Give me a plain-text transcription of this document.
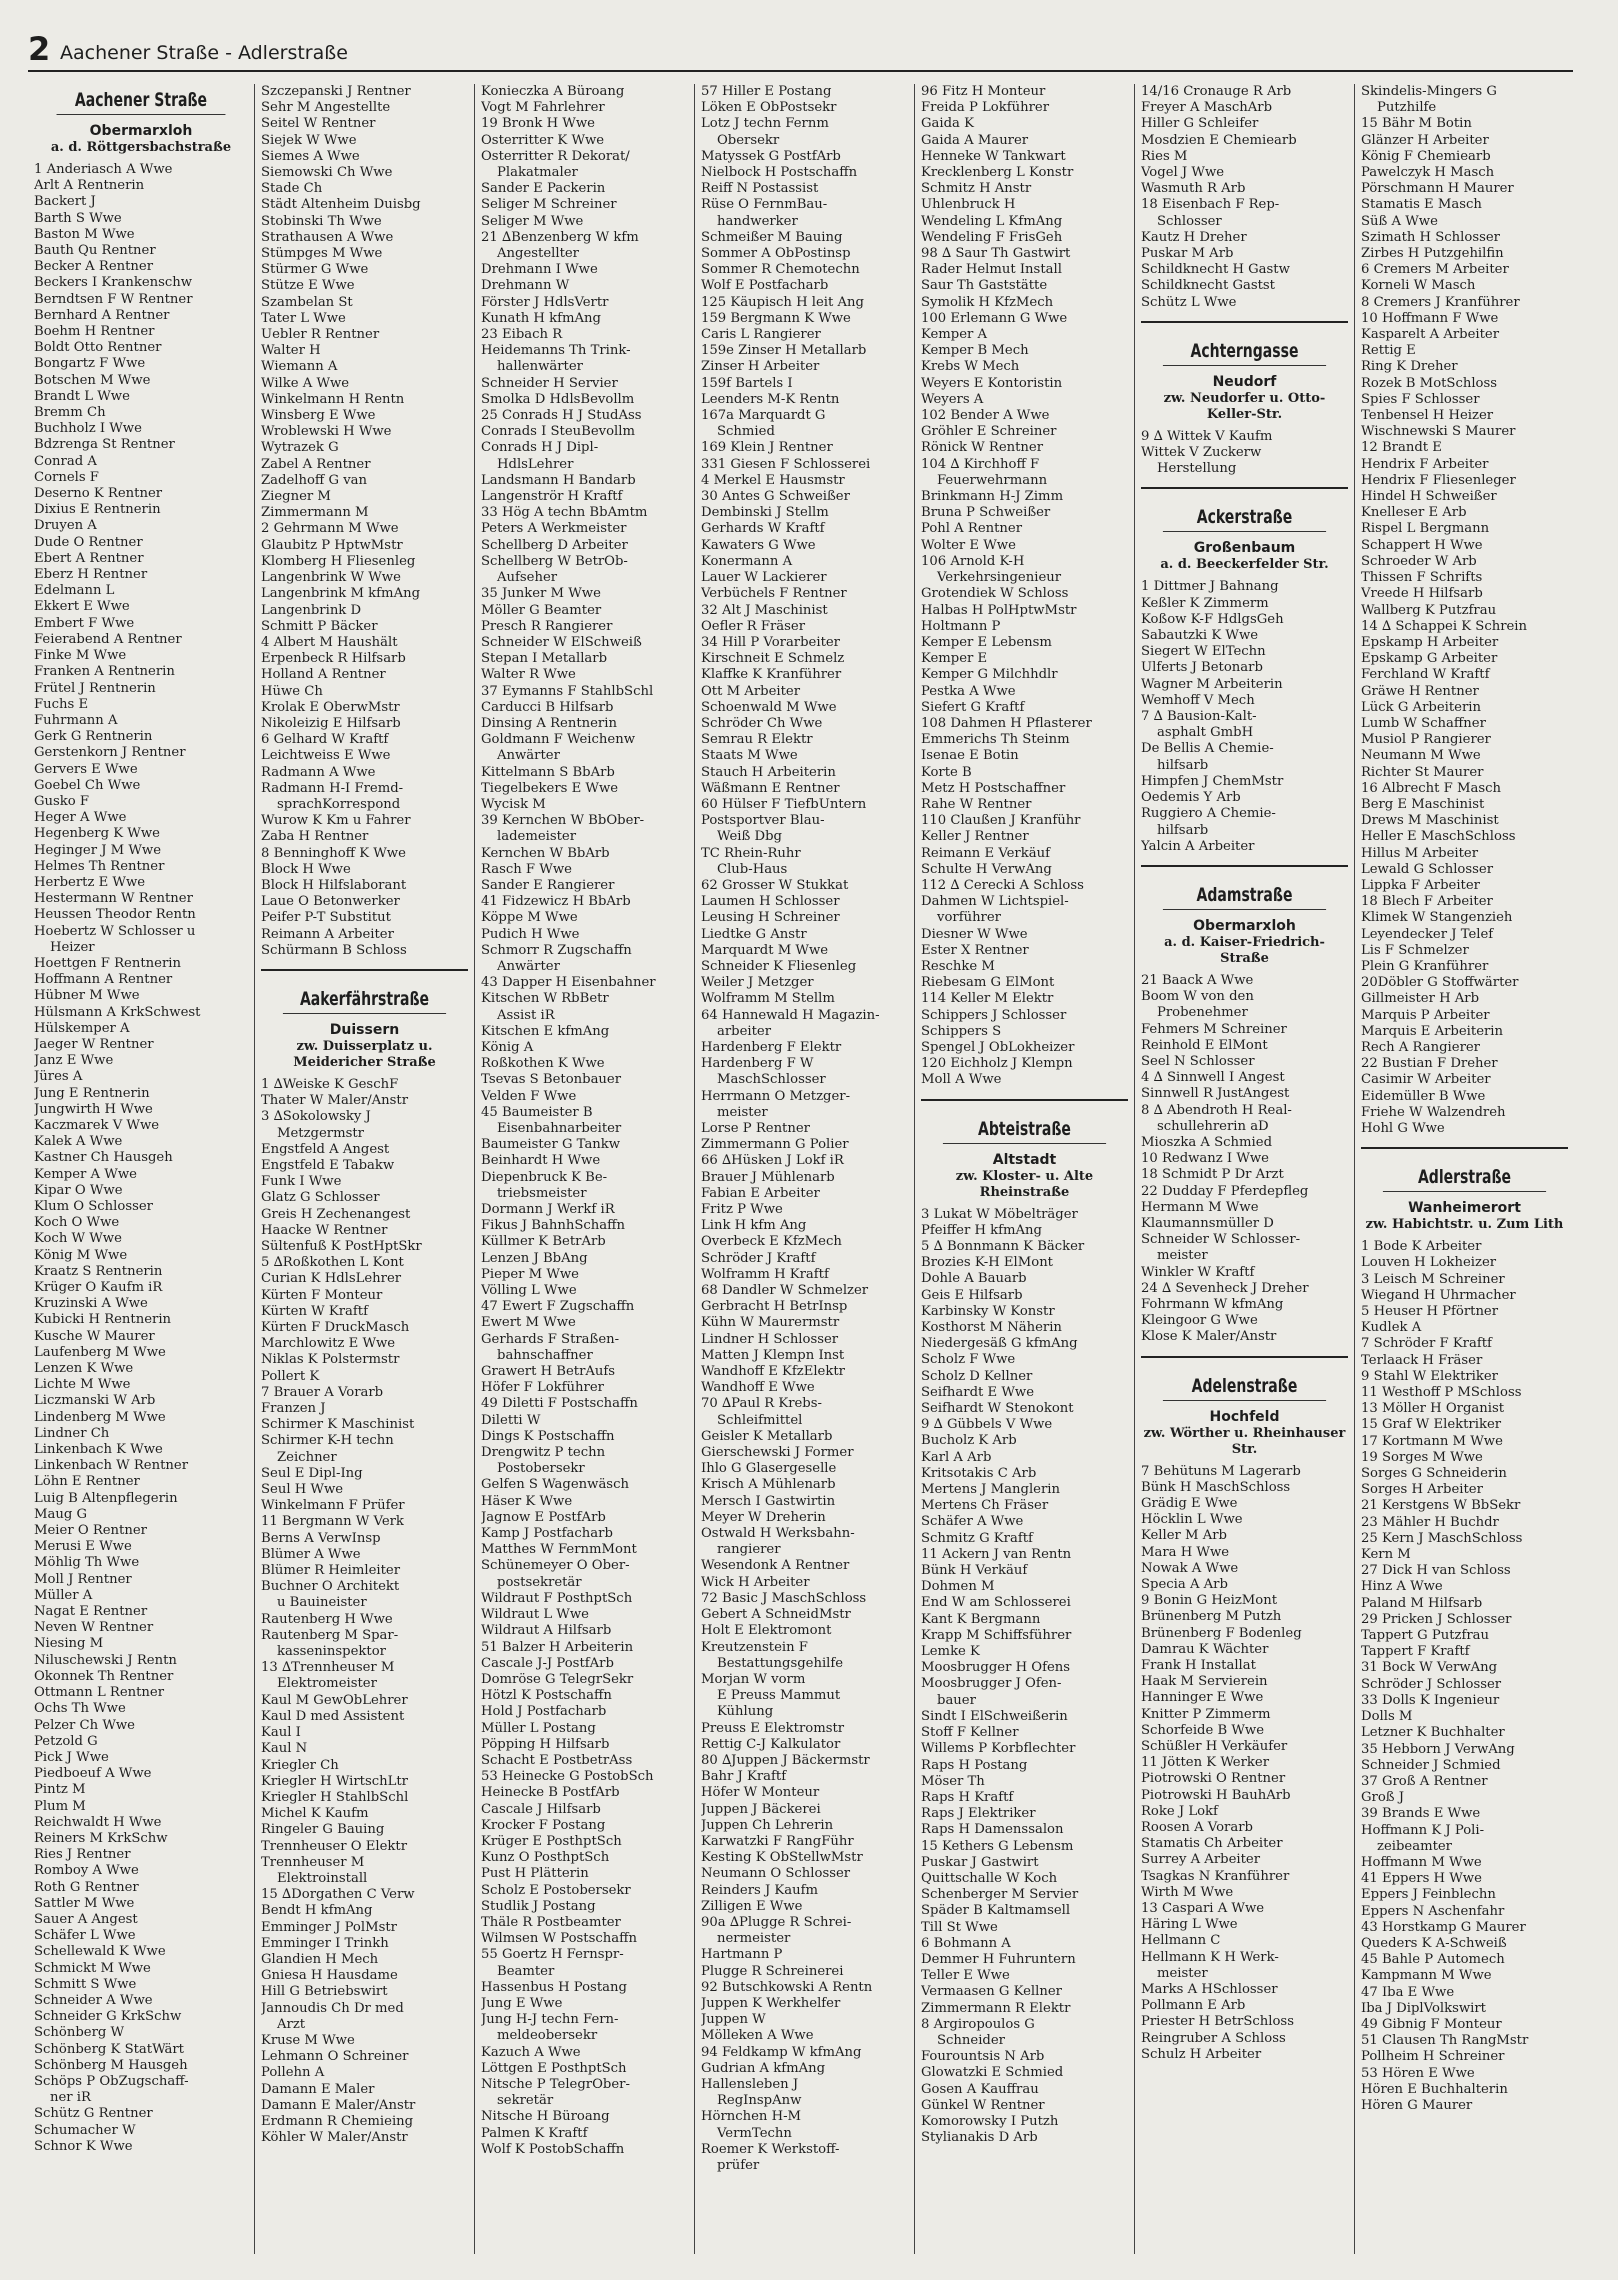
2 Aachener Straße - Adlerstraße
Aachener Straße
Obermarxloh
a. d. Röttgersbachstraße
1 Anderiasch A Wwe
Arlt A Rentnerin
Backert J
Barth S Wwe
Baston M Wwe
Bauth Qu Rentner
Becker A Rentner
Beckers I Krankenschw
Berndtsen F W Rentner
Bernhard A Rentner
Boehm H Rentner
Boldt Otto Rentner
Bongartz F Wwe
Botschen M Wwe
Brandt L Wwe
Bremm Ch
Buchholz I Wwe
Bdzrenga St Rentner
Conrad A
Cornels F
Deserno K Rentner
Dixius E Rentnerin
Druyen A
Dude O Rentner
Ebert A Rentner
Eberz H Rentner
Edelmann L
Ekkert E Wwe
Embert F Wwe
Feierabend A Rentner
Finke M Wwe
Franken A Rentnerin
Frütel J Rentnerin
Fuchs E
Fuhrmann A
Gerk G Rentnerin
Gerstenkorn J Rentner
Gervers E Wwe
Goebel Ch Wwe
Gusko F
Heger A Wwe
Hegenberg K Wwe
Heginger J M Wwe
Helmes Th Rentner
Herbertz E Wwe
Hestermann W Rentner
Heussen Theodor Rentn
Hoebertz W Schlosser u
Heizer
Hoettgen F Rentnerin
Hoffmann A Rentner
Hübner M Wwe
Hülsmann A KrkSchwest
Hülskemper A
Jaeger W Rentner
Janz E Wwe
Jüres A
Jung E Rentnerin
Jungwirth H Wwe
Kaczmarek V Wwe
Kalek A Wwe
Kastner Ch Hausgeh
Kemper A Wwe
Kipar O Wwe
Klum O Schlosser
Koch O Wwe
Koch W Wwe
König M Wwe
Kraatz S Rentnerin
Krüger O Kaufm iR
Kruzinski A Wwe
Kubicki H Rentnerin
Kusche W Maurer
Laufenberg M Wwe
Lenzen K Wwe
Lichte M Wwe
Liczmanski W Arb
Lindenberg M Wwe
Lindner Ch
Linkenbach K Wwe
Linkenbach W Rentner
Löhn E Rentner
Luig B Altenpflegerin
Maug G
Meier O Rentner
Merusi E Wwe
Möhlig Th Wwe
Moll J Rentner
Müller A
Nagat E Rentner
Neven W Rentner
Niesing M
Niluschewski J Rentn
Okonnek Th Rentner
Ottmann L Rentner
Ochs Th Wwe
Pelzer Ch Wwe
Petzold G
Pick J Wwe
Piedboeuf A Wwe
Pintz M
Plum M
Reichwaldt H Wwe
Reiners M KrkSchw
Ries J Rentner
Romboy A Wwe
Roth G Rentner
Sattler M Wwe
Sauer A Angest
Schäfer L Wwe
Schellewald K Wwe
Schmickt M Wwe
Schmitt S Wwe
Schneider A Wwe
Schneider G KrkSchw
Schönberg W
Schönberg K StatWärt
Schönberg M Hausgeh
Schöps P ObZugschaff-
ner iR
Schütz G Rentner
Schumacher W
Schnor K Wwe
Szczepanski J Rentner
Sehr M Angestellte
Seitel W Rentner
Siejek W Wwe
Siemes A Wwe
Siemowski Ch Wwe
Stade Ch
Städt Altenheim Duisbg
Stobinski Th Wwe
Strathausen A Wwe
Stümpges M Wwe
Stürmer G Wwe
Stütze E Wwe
Szambelan St
Tater L Wwe
Uebler R Rentner
Walter H
Wiemann A
Wilke A Wwe
Winkelmann H Rentn
Winsberg E Wwe
Wroblewski H Wwe
Wytrazek G
Zabel A Rentner
Zadelhoff G van
Ziegner M
Zimmermann M
2 Gehrmann M Wwe
Glaubitz P HptwMstr
Klomberg H Fliesenleg
Langenbrink W Wwe
Langenbrink M kfmAng
Langenbrink D
Schmitt P Bäcker
4 Albert M Haushält
Erpenbeck R Hilfsarb
Holland A Rentner
Hüwe Ch
Krolak E OberwMstr
Nikoleizig E Hilfsarb
6 Gelhard W Kraftf
Leichtweiss E Wwe
Radmann A Wwe
Radmann H-I Fremd-
sprachKorrespond
Wurow K Km u Fahrer
Zaba H Rentner
8 Benninghoff K Wwe
Block H Wwe
Block H Hilfslaborant
Laue O Betonwerker
Peifer P-T Substitut
Reimann A Arbeiter
Schürmann B Schloss
Aakerfährstraße
Duissern
zw. Duisserplatz u. Meidericher Straße
1 ∆Weiske K GeschF
Thater W Maler/Anstr
3 ∆Sokolowsky J
Metzgermstr
Engstfeld A Angest
Engstfeld E Tabakw
Funk I Wwe
Glatz G Schlosser
Greis H Zechenangest
Haacke W Rentner
Sültenfuß K PostHptSkr
5 ∆Roßkothen L Kont
Curian K HdlsLehrer
Kürten F Monteur
Kürten W Kraftf
Kürten F DruckMasch
Marchlowitz E Wwe
Niklas K Polstermstr
Pollert K
7 Brauer A Vorarb
Franzen J
Schirmer K Maschinist
Schirmer K-H techn
Zeichner
Seul E Dipl-Ing
Seul H Wwe
Winkelmann F Prüfer
11 Bergmann W Verk
Berns A VerwInsp
Blümer A Wwe
Blümer R Heimleiter
Buchner O Architekt
u Bauineister
Rautenberg H Wwe
Rautenberg M Spar-
kasseninspektor
13 ∆Trennheuser M
Elektromeister
Kaul M GewObLehrer
Kaul D med Assistent
Kaul I
Kaul N
Kriegler Ch
Kriegler H WirtschLtr
Kriegler H StahlbSchl
Michel K Kaufm
Ringeler G Bauing
Trennheuser O Elektr
Trennheuser M
Elektroinstall
15 ∆Dorgathen C Verw
Bendt H kfmAng
Emminger J PolMstr
Emminger I Trinkh
Glandien H Mech
Gniesa H Hausdame
Hill G Betriebswirt
Jannoudis Ch Dr med
Arzt
Kruse M Wwe
Lehmann O Schreiner
Pollehn A
Damann E Maler
Damann E Maler/Anstr
Erdmann R Chemieing
Köhler W Maler/Anstr
Konieczka A Büroang
Vogt M Fahrlehrer
19 Bronk H Wwe
Osterritter K Wwe
Osterritter R Dekorat/
Plakatmaler
Sander E Packerin
Seliger M Schreiner
Seliger M Wwe
21 ∆Benzenberg W kfm
Angestellter
Drehmann I Wwe
Drehmann W
Förster J HdlsVertr
Kunath H kfmAng
23 Eibach R
Heidemanns Th Trink-
hallenwärter
Schneider H Servier
Smolka D HdlsBevollm
25 Conrads H J StudAss
Conrads I SteuBevollm
Conrads H J Dipl-
HdlsLehrer
Landsmann H Bandarb
Langenströr H Kraftf
33 Hög A techn BbAmtm
Peters A Werkmeister
Schellberg D Arbeiter
Schellberg W BetrOb-
Aufseher
35 Junker M Wwe
Möller G Beamter
Presch R Rangierer
Schneider W ElSchweiß
Stepan I Metallarb
Walter R Wwe
37 Eymanns F StahlbSchl
Carducci B Hilfsarb
Dinsing A Rentnerin
Goldmann F Weichenw
Anwärter
Kittelmann S BbArb
Tiegelbekers E Wwe
Wycisk M
39 Kernchen W BbOber-
lademeister
Kernchen W BbArb
Rasch F Wwe
Sander E Rangierer
41 Fidzewicz H BbArb
Köppe M Wwe
Pudich H Wwe
Schmorr R Zugschaffn
Anwärter
43 Dapper H Eisenbahner
Kitschen W RbBetr
Assist iR
Kitschen E kfmAng
König A
Roßkothen K Wwe
Tsevas S Betonbauer
Velden F Wwe
45 Baumeister B
Eisenbahnarbeiter
Baumeister G Tankw
Beinhardt H Wwe
Diepenbruck K Be-
triebsmeister
Dormann J Werkf iR
Fikus J BahnhSchaffn
Küllmer K BetrArb
Lenzen J BbAng
Pieper M Wwe
Völling L Wwe
47 Ewert F Zugschaffn
Ewert M Wwe
Gerhards F Straßen-
bahnschaffner
Grawert H BetrAufs
Höfer F Lokführer
49 Diletti F Postschaffn
Diletti W
Dings K Postschaffn
Drengwitz P techn
Postobersekr
Gelfen S Wagenwäsch
Häser K Wwe
Jagnow E PostfArb
Kamp J Postfacharb
Matthes W FernmMont
Schünemeyer O Ober-
postsekretär
Wildraut F PosthptSch
Wildraut L Wwe
Wildraut A Hilfsarb
51 Balzer H Arbeiterin
Cascale J-J PostfArb
Domröse G TelegrSekr
Hötzl K Postschaffn
Hold J Postfacharb
Müller L Postang
Pöpping H Hilfsarb
Schacht E PostbetrAss
53 Heinecke G PostobSch
Heinecke B PostfArb
Cascale J Hilfsarb
Krocker F Postang
Krüger E PosthptSch
Kunz O PosthptSch
Pust H Plätterin
Scholz E Postobersekr
Studlik J Postang
Thäle R Postbeamter
Wilmsen W Postschaffn
55 Goertz H Fernspr-
Beamter
Hassenbus H Postang
Jung E Wwe
Jung H-J techn Fern-
meldeobersekr
Kazuch A Wwe
Löttgen E PosthptSch
Nitsche P TelegrOber-
sekretär
Nitsche H Büroang
Palmen K Kraftf
Wolf K PostobSchaffn
57 Hiller E Postang
Löken E ObPostsekr
Lotz J techn Fernm
Obersekr
Matyssek G PostfArb
Nielbock H Postschaffn
Reiff N Postassist
Rüse O FernmBau-
handwerker
Schmeißer M Bauing
Sommer A ObPostinsp
Sommer R Chemotechn
Wolf E Postfacharb
125 Käupisch H leit Ang
159 Bergmann K Wwe
Caris L Rangierer
159e Zinser H Metallarb
Zinser H Arbeiter
159f Bartels I
Leenders M-K Rentn
167a Marquardt G
Schmied
169 Klein J Rentner
331 Giesen F Schlosserei
4 Merkel E Hausmstr
30 Antes G Schweißer
Dembinski J Stellm
Gerhards W Kraftf
Kawaters G Wwe
Konermann A
Lauer W Lackierer
Verbüchels F Rentner
32 Alt J Maschinist
Oefler R Fräser
34 Hill P Vorarbeiter
Kirschneit E Schmelz
Klaffke K Kranführer
Ott M Arbeiter
Schoenwald M Wwe
Schröder Ch Wwe
Semrau R Elektr
Staats M Wwe
Stauch H Arbeiterin
Wäßmann E Rentner
60 Hülser F TiefbUntern
Postsportver Blau-
Weiß Dbg
TC Rhein-Ruhr
Club-Haus
62 Grosser W Stukkat
Laumen H Schlosser
Leusing H Schreiner
Liedtke G Anstr
Marquardt M Wwe
Schneider K Fliesenleg
Weiler J Metzger
Wolframm M Stellm
64 Hannewald H Magazin-
arbeiter
Hardenberg F Elektr
Hardenberg F W
MaschSchlosser
Herrmann O Metzger-
meister
Lorse P Rentner
Zimmermann G Polier
66 ∆Hüsken J Lokf iR
Brauer J Mühlenarb
Fabian E Arbeiter
Fritz P Wwe
Link H kfm Ang
Overbeck E KfzMech
Schröder J Kraftf
Wolframm H Kraftf
68 Dandler W Schmelzer
Gerbracht H BetrInsp
Kühn W Maurermstr
Lindner H Schlosser
Matten J Klempn Inst
Wandhoff E KfzElektr
Wandhoff E Wwe
70 ∆Paul R Krebs-
Schleifmittel
Geisler K Metallarb
Gierschewski J Former
Ihlo G Glasergeselle
Krisch A Mühlenarb
Mersch I Gastwirtin
Meyer W Dreherin
Ostwald H Werksbahn-
rangierer
Wesendonk A Rentner
Wick H Arbeiter
72 Basic J MaschSchloss
Gebert A SchneidMstr
Holt E Elektromont
Kreutzenstein F
Bestattungsgehilfe
Morjan W vorm
E Preuss Mammut
Kühlung
Preuss E Elektromstr
Rettig C-J Kalkulator
80 ∆Juppen J Bäckermstr
Bahr J Kraftf
Höfer W Monteur
Juppen J Bäckerei
Juppen Ch Lehrerin
Karwatzki F RangFühr
Kesting K ObStellwMstr
Neumann O Schlosser
Reinders J Kaufm
Zilligen E Wwe
90a ∆Plugge R Schrei-
nermeister
Hartmann P
Plugge R Schreinerei
92 Butschkowski A Rentn
Juppen K Werkhelfer
Juppen W
Mölleken A Wwe
94 Feldkamp W kfmAng
Gudrian A kfmAng
Hallensleben J
RegInspAnw
Hörnchen H-M
VermTechn
Roemer K Werkstoff-
prüfer
96 Fitz H Monteur
Freida P Lokführer
Gaida K
Gaida A Maurer
Henneke W Tankwart
Krecklenberg L Konstr
Schmitz H Anstr
Uhlenbruck H
Wendeling L KfmAng
Wendeling F FrisGeh
98 ∆ Saur Th Gastwirt
Rader Helmut Install
Saur Th Gaststätte
Symolik H KfzMech
100 Erlemann G Wwe
Kemper A
Kemper B Mech
Krebs W Mech
Weyers E Kontoristin
Weyers A
102 Bender A Wwe
Gröhler E Schreiner
Rönick W Rentner
104 ∆ Kirchhoff F
Feuerwehrmann
Brinkmann H-J Zimm
Bruna P Schweißer
Pohl A Rentner
Wolter E Wwe
106 Arnold K-H
Verkehrsingenieur
Grotendiek W Schloss
Halbas H PolHptwMstr
Holtmann P
Kemper E Lebensm
Kemper E
Kemper G Milchhdlr
Pestka A Wwe
Siefert G Kraftf
108 Dahmen H Pflasterer
Emmerichs Th Steinm
Isenae E Botin
Korte B
Metz H Postschaffner
Rahe W Rentner
110 Claußen J Kranführ
Keller J Rentner
Reimann E Verkäuf
Schulte H VerwAng
112 ∆ Cerecki A Schloss
Dahmen W Lichtspiel-
vorführer
Diesner W Wwe
Ester X Rentner
Reschke M
Riebesam G ElMont
114 Keller M Elektr
Schippers J Schlosser
Schippers S
Spengel J ObLokheizer
120 Eichholz J Klempn
Moll A Wwe
Abteistraße
Altstadt
zw. Kloster- u. Alte Rheinstraße
3 Lukat W Möbelträger
Pfeiffer H kfmAng
5 ∆ Bonnmann K Bäcker
Brozies K-H ElMont
Dohle A Bauarb
Geis E Hilfsarb
Karbinsky W Konstr
Kosthorst M Näherin
Niedergesäß G kfmAng
Scholz F Wwe
Scholz D Kellner
Seifhardt E Wwe
Seifhardt W Stenokont
9 ∆ Gübbels V Wwe
Bucholz K Arb
Karl A Arb
Kritsotakis C Arb
Mertens J Manglerin
Mertens Ch Fräser
Schäfer A Wwe
Schmitz G Kraftf
11 Ackern J van Rentn
Bünk H Verkäuf
Dohmen M
End W am Schlosserei
Kant K Bergmann
Krapp M Schiffsführer
Lemke K
Moosbrugger H Ofens
Moosbrugger J Ofen-
bauer
Sindt I ElSchweißerin
Stoff F Kellner
Willems P Korbflechter
Raps H Postang
Möser Th
Raps H Kraftf
Raps J Elektriker
Raps H Damenssalon
15 Kethers G Lebensm
Puskar J Gastwirt
Quittschalle W Koch
Schenberger M Servier
Späder B Kaltmamsell
Till St Wwe
6 Bohmann A
Demmer H Fuhruntern
Teller E Wwe
Vermaasen G Kellner
Zimmermann R Elektr
8 Argiropoulos G
Schneider
Fourountsis N Arb
Glowatzki E Schmied
Gosen A Kauffrau
Günkel W Rentner
Komorowsky I Putzh
Stylianakis D Arb
14/16 Cronauge R Arb
Freyer A MaschArb
Hiller G Schleifer
Mosdzien E Chemiearb
Ries M
Vogel J Wwe
Wasmuth R Arb
18 Eisenbach F Rep-
Schlosser
Kautz H Dreher
Puskar M Arb
Schildknecht H Gastw
Schildknecht Gastst
Schütz L Wwe
Achterngasse
Neudorf
zw. Neudorfer u. Otto-Keller-Str.
9 ∆ Wittek V Kaufm
Wittek V Zuckerw
Herstellung
Ackerstraße
Großenbaum
a. d. Beeckerfelder Str.
1 Dittmer J Bahnang
Keßler K Zimmerm
Koßow K-F HdlgsGeh
Sabautzki K Wwe
Siegert W ElTechn
Ulferts J Betonarb
Wagner M Arbeiterin
Wemhoff V Mech
7 ∆ Bausion-Kalt-
asphalt GmbH
De Bellis A Chemie-
hilfsarb
Himpfen J ChemMstr
Oedemis Y Arb
Ruggiero A Chemie-
hilfsarb
Yalcin A Arbeiter
Adamstraße
Obermarxloh
a. d. Kaiser-Friedrich-Straße
21 Baack A Wwe
Boom W von den
Probenehmer
Fehmers M Schreiner
Reinhold E ElMont
Seel N Schlosser
4 ∆ Sinnwell I Angest
Sinnwell R JustAngest
8 ∆ Abendroth H Real-
schullehrerin aD
Mioszka A Schmied
10 Redwanz I Wwe
18 Schmidt P Dr Arzt
22 Dudday F Pferdepfleg
Hermann M Wwe
Klaumannsmüller D
Schneider W Schlosser-
meister
Winkler W Kraftf
24 ∆ Sevenheck J Dreher
Fohrmann W kfmAng
Kleingoor G Wwe
Klose K Maler/Anstr
Adelenstraße
Hochfeld
zw. Wörther u. Rheinhauser Str.
7 Behütuns M Lagerarb
Bünk H MaschSchloss
Grädig E Wwe
Höcklin L Wwe
Keller M Arb
Mara H Wwe
Nowak A Wwe
Specia A Arb
9 Bonin G HeizMont
Brünenberg M Putzh
Brünenberg F Bodenleg
Damrau K Wächter
Frank H Installat
Haak M Servierein
Hanninger E Wwe
Knitter P Zimmerm
Schorfeide B Wwe
Schüßler H Verkäufer
11 Jötten K Werker
Piotrowski O Rentner
Piotrowski H BauhArb
Roke J Lokf
Roosen A Vorarb
Stamatis Ch Arbeiter
Surrey A Arbeiter
Tsagkas N Kranführer
Wirth M Wwe
13 Caspari A Wwe
Häring L Wwe
Hellmann C
Hellmann K H Werk-
meister
Marks A HSchlosser
Pollmann E Arb
Priester H BetrSchloss
Reingruber A Schloss
Schulz H Arbeiter
Skindelis-Mingers G
Putzhilfe
15 Bähr M Botin
Glänzer H Arbeiter
König F Chemiearb
Pawelczyk H Masch
Pörschmann H Maurer
Stamatis E Masch
Süß A Wwe
Szimath H Schlosser
Zirbes H Putzgehilfin
6 Cremers M Arbeiter
Korneli W Masch
8 Cremers J Kranführer
10 Hoffmann F Wwe
Kasparelt A Arbeiter
Rettig E
Ring K Dreher
Rozek B MotSchloss
Spies F Schlosser
Tenbensel H Heizer
Wischnewski S Maurer
12 Brandt E
Hendrix F Arbeiter
Hendrix F Fliesenleger
Hindel H Schweißer
Knelleser E Arb
Rispel L Bergmann
Schappert H Wwe
Schroeder W Arb
Thissen F Schrifts
Vreede H Hilfsarb
Wallberg K Putzfrau
14 ∆ Schappei K Schrein
Epskamp H Arbeiter
Epskamp G Arbeiter
Ferchland W Kraftf
Gräwe H Rentner
Lück G Arbeiterin
Lumb W Schaffner
Musiol P Rangierer
Neumann M Wwe
Richter St Maurer
16 Albrecht F Masch
Berg E Maschinist
Drews M Maschinist
Heller E MaschSchloss
Hillus M Arbeiter
Lewald G Schlosser
Lippka F Arbeiter
18 Blech F Arbeiter
Klimek W Stangenzieh
Leyendecker J Telef
Lis F Schmelzer
Plein G Kranführer
20Döbler G Stoffwärter
Gillmeister H Arb
Marquis P Arbeiter
Marquis E Arbeiterin
Rech A Rangierer
22 Bustian F Dreher
Casimir W Arbeiter
Eidemüller B Wwe
Friehe W Walzendreh
Hohl G Wwe
Adlerstraße
Wanheimerort
zw. Habichtstr. u. Zum Lith
1 Bode K Arbeiter
Louven H Lokheizer
3 Leisch M Schreiner
Wiegand H Uhrmacher
5 Heuser H Pförtner
Kudlek A
7 Schröder F Kraftf
Terlaack H Fräser
9 Stahl W Elektriker
11 Westhoff P MSchloss
13 Möller H Organist
15 Graf W Elektriker
17 Kortmann M Wwe
19 Sorges M Wwe
Sorges G Schneiderin
Sorges H Arbeiter
21 Kerstgens W BbSekr
23 Mähler H Buchdr
25 Kern J MaschSchloss
Kern M
27 Dick H van Schloss
Hinz A Wwe
Paland M Hilfsarb
29 Pricken J Schlosser
Tappert G Putzfrau
Tappert F Kraftf
31 Bock W VerwAng
Schröder J Schlosser
33 Dolls K Ingenieur
Dolls M
Letzner K Buchhalter
35 Hebborn J VerwAng
Schneider J Schmied
37 Groß A Rentner
Groß J
39 Brands E Wwe
Hoffmann K J Poli-
zeibeamter
Hoffmann M Wwe
41 Eppers H Wwe
Eppers J Feinblechn
Eppers N Aschenfahr
43 Horstkamp G Maurer
Queders K A-Schweiß
45 Bahle P Automech
Kampmann M Wwe
47 Iba E Wwe
Iba J DiplVolkswirt
49 Gibnig F Monteur
51 Clausen Th RangMstr
Pollheim H Schreiner
53 Hören E Wwe
Hören E Buchhalterin
Hören G Maurer
